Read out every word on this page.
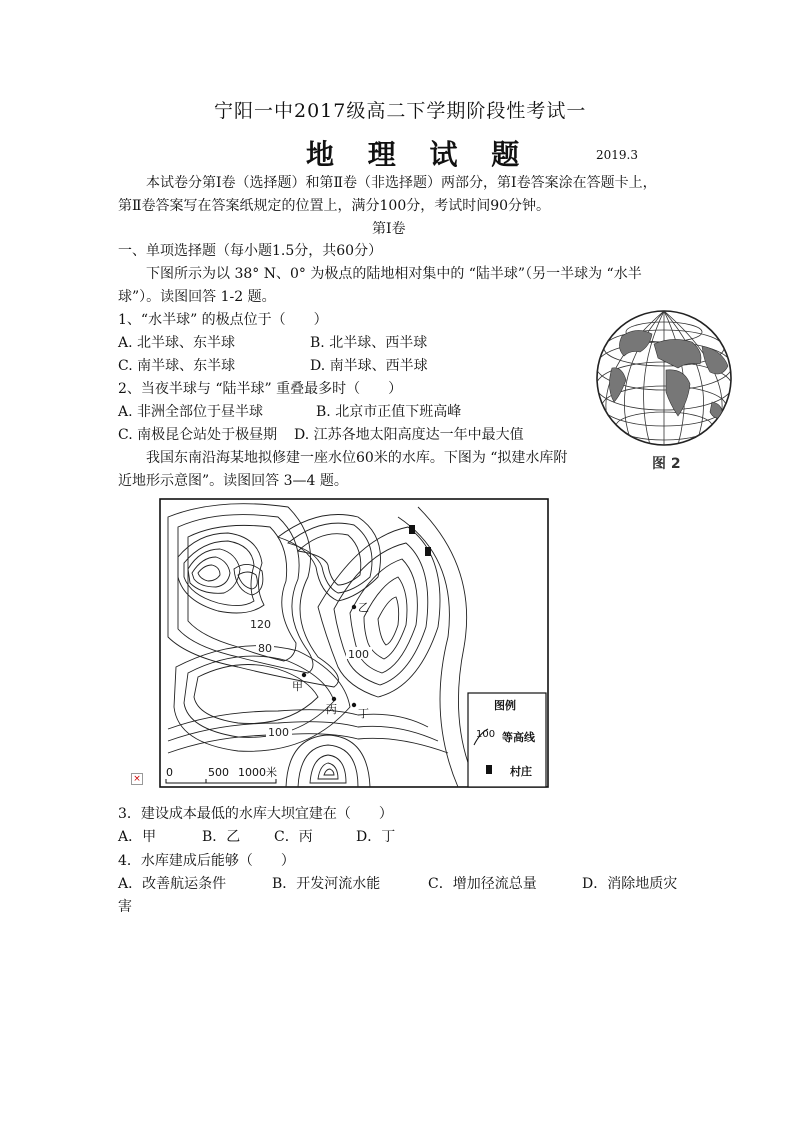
宁阳一中2017级高二下学期阶段性考试一
地 理 试 题	2019.3
本试卷分第Ⅰ卷（选择题）和第Ⅱ卷（非选择题）两部分，第Ⅰ卷答案涂在答题卡上，
第Ⅱ卷答案写在答案纸规定的位置上，满分100分，考试时间90分钟。
第Ⅰ卷
一、单项选择题（每小题1.5分，共60分）
下图所示为以 38° N、0° 为极点的陆地相对集中的 “陆半球”（另一半球为 “水半
球”）。读图回答 1-2 题。
1、“水半球” 的极点位于（　　）
A. 北半球、东半球	B. 北半球、西半球
C. 南半球、东半球	D. 南半球、西半球
2、当夜半球与 “陆半球” 重叠最多时（　　）
A. 非洲全部位于昼半球	B. 北京市正值下班高峰
C. 南极昆仑站处于极昼期 D. 江苏各地太阳高度达一年中最大值
图 2
我国东南沿海某地拟修建一座水位60米的水库。下图为 “拟建水库附
近地形示意图”。读图回答 3—4 题。
120
80	100
100
甲
乙
丙 丁
图例
100 等高线
村庄
0	500 1000米
×
3．建设成本最低的水库大坝宜建在（　　）
A．甲	B．乙 C．丙	D．丁
4．水库建成后能够（　　）
A．改善航运条件	B．开发河流水能	C．增加径流总量	D．消除地质灾
害
